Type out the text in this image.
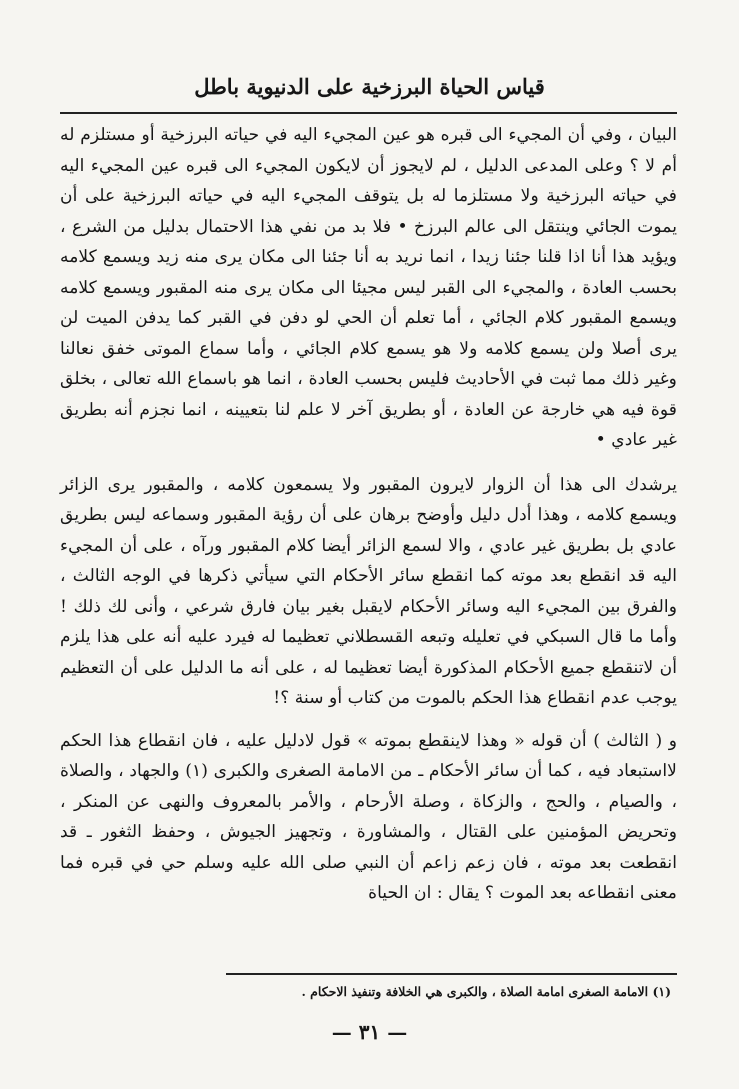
قياس الحياة البرزخية على الدنيوية باطل

البيان ، وفي أن المجيء الى قبره هو عين المجيء اليه في حياته البرزخية أو مستلزم له أم لا ؟ وعلى المدعى الدليل ، لم لايجوز أن لايكون المجيء الى قبره عين المجيء اليه في حياته البرزخية ولا مستلزما له بل يتوقف المجيء اليه في حياته البرزخية على أن يموت الجائي وينتقل الى عالم البرزخ • فلا بد من نفي هذا الاحتمال بدليل من الشرع ، ويؤيد هذا أنا اذا قلنا جئنا زيدا ، انما نريد به أنا جئنا الى مكان يرى منه زيد ويسمع كلامه بحسب العادة ، والمجيء الى القبر ليس مجيئا الى مكان يرى منه المقبور ويسمع كلامه ويسمع المقبور كلام الجائي ، أما تعلم أن الحي لو دفن في القبر كما يدفن الميت لن يرى أصلا ولن يسمع كلامه ولا هو يسمع كلام الجائي ، وأما سماع الموتى خفق نعالنا وغير ذلك مما ثبت في الأحاديث فليس بحسب العادة ، انما هو باسماع الله تعالى ، بخلق قوة فيه هي خارجة عن العادة ، أو بطريق آخر لا علم لنا بتعيينه ، انما نجزم أنه بطريق غير عادي •

يرشدك الى هذا أن الزوار لايرون المقبور ولا يسمعون كلامه ، والمقبور يرى الزائر ويسمع كلامه ، وهذا أدل دليل وأوضح برهان على أن رؤية المقبور وسماعه ليس بطريق عادي بل بطريق غير عادي ، والا لسمع الزائر أيضا كلام المقبور ورآه ، على أن المجيء اليه قد انقطع بعد موته كما انقطع سائر الأحكام التي سيأتي ذكرها في الوجه الثالث ، والفرق بين المجيء اليه وسائر الأحكام لايقبل بغير بيان فارق شرعي ، وأنى لك ذلك ! وأما ما قال السبكي في تعليله وتبعه القسطلاني تعظيما له فيرد عليه أنه على هذا يلزم أن لاتنقطع جميع الأحكام المذكورة أيضا تعظيما له ، على أنه ما الدليل على أن التعظيم يوجب عدم انقطاع هذا الحكم بالموت من كتاب أو سنة ؟!

و ( الثالث ) أن قوله « وهذا لاينقطع بموته » قول لادليل عليه ، فان انقطاع هذا الحكم لااستبعاد فيه ، كما أن سائر الأحكام ـ من الامامة الصغرى والكبرى (١) والجهاد ، والصلاة ، والصيام ، والحج ، والزكاة ، وصلة الأرحام ، والأمر بالمعروف والنهى عن المنكر ، وتحريض المؤمنين على القتال ، والمشاورة ، وتجهيز الجيوش ، وحفظ الثغور ـ قد انقطعت بعد موته ، فان زعم زاعم أن النبي صلى الله عليه وسلم حي في قبره فما معنى انقطاعه بعد الموت ؟ يقال : ان الحياة

(١) الامامة الصغرى امامة الصلاة ، والكبرى هي الخلافة وتنفيذ الاحكام .
— ٣١ —
